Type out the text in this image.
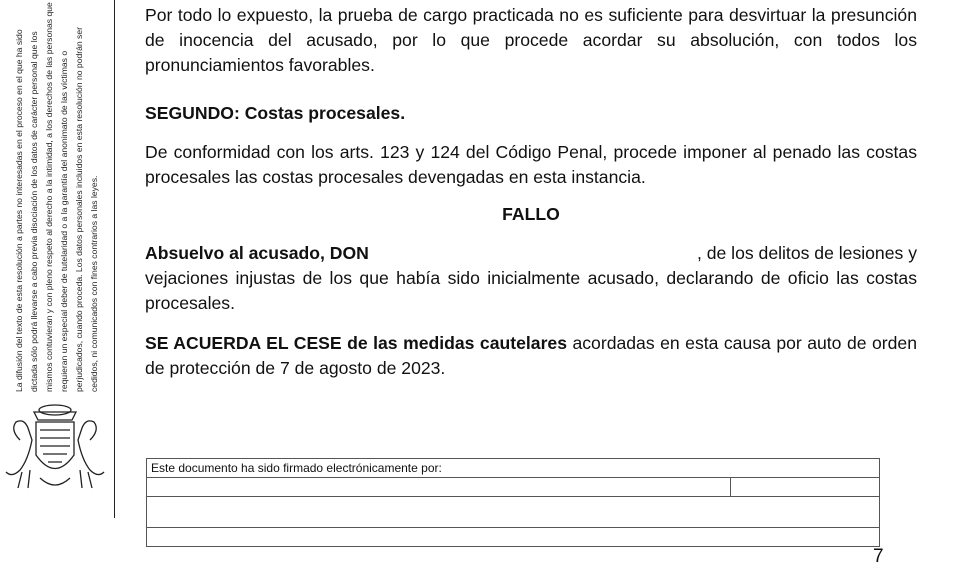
La difusión del texto de esta resolución a partes no interesadas en el proceso en el que ha sido dictada sólo podrá llevarse a cabo previa disociación de los datos de carácter personal que los mismos contuvieran y con pleno respeto al derecho a la intimidad, a los derechos de las personas que requieran un especial deber de tutelaridad o a la garantía del anonimato de las víctimas o perjudicados, cuando proceda. Los datos personales incluidos en esta resolución no podrán ser cedidos, ni comunicados con fines contrarios a las leyes.

Por todo lo expuesto, la prueba de cargo practicada no es suficiente para desvirtuar la presunción de inocencia del acusado, por lo que procede acordar su absolución, con todos los pronunciamientos favorables.

SEGUNDO: Costas procesales.

De conformidad con los arts. 123 y 124 del Código Penal, procede imponer al penado las costas procesales las costas procesales devengadas en esta instancia.

FALLO

Absuelvo al acusado, DON	, de los delitos de lesiones y

vejaciones injustas de los que había sido inicialmente acusado, declarando de oficio las costas procesales.

SE ACUERDA EL CESE de las medidas cautelares acordadas en esta causa por auto de orden de protección de 7 de agosto de 2023.

Este documento ha sido firmado electrónicamente por:

7
